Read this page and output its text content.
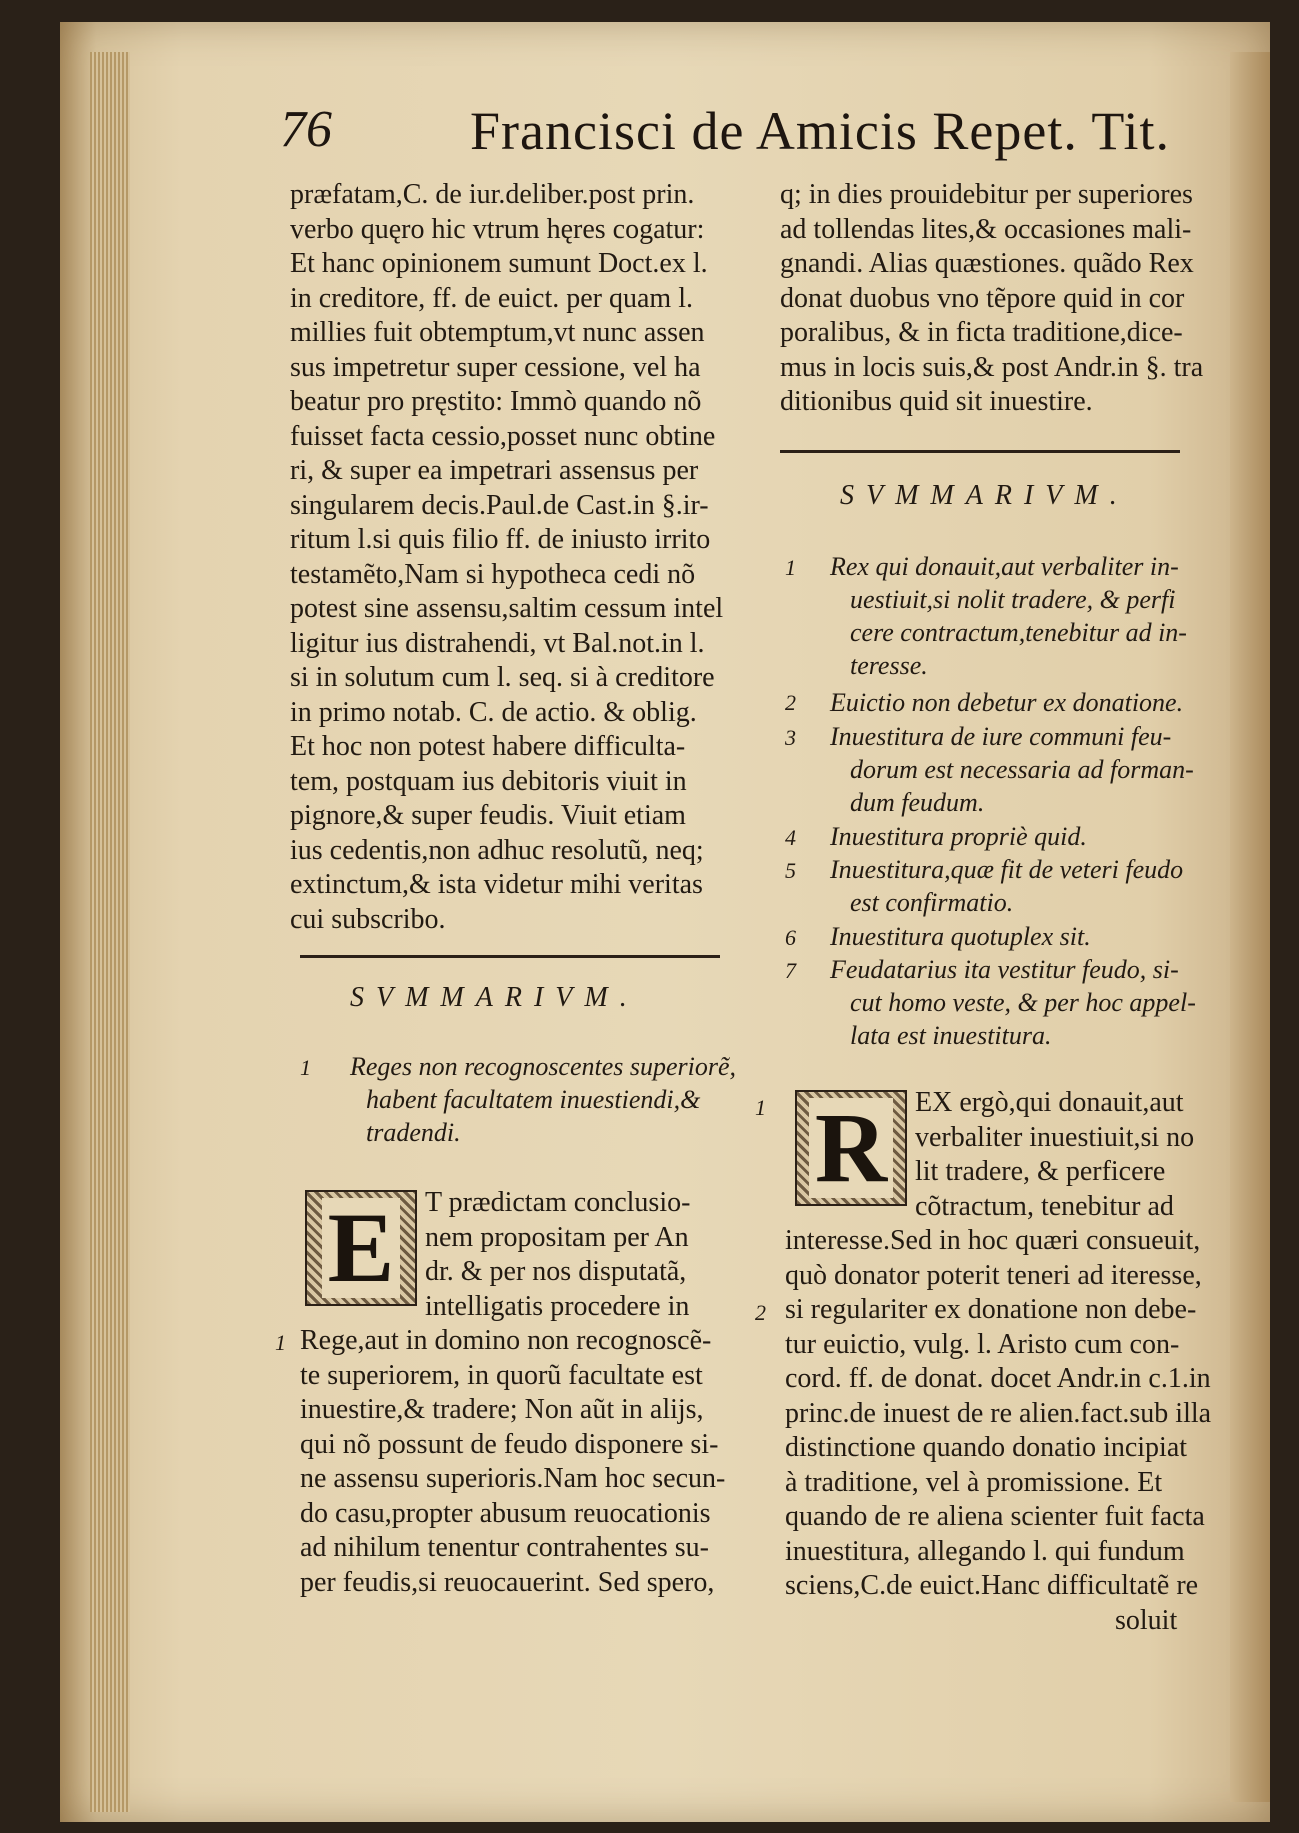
76	Francisci de Amicis Repet. Tit.

præfatam,C. de iur.deliber.post prin.

verbo quęro hic vtrum hęres cogatur:

Et hanc opinionem sumunt Doct.ex l.

in creditore, ff. de euict. per quam l.

millies fuit obtemptum,vt nunc assen

sus impetretur super cessione, vel ha

beatur pro pręstito: Immò quando nõ

fuisset facta cessio,posset nunc obtine

ri, & super ea impetrari assensus per

singularem decis.Paul.de Cast.in §.ir-

ritum l.si quis filio ff. de iniusto irrito

testamẽto,Nam si hypotheca cedi nõ

potest sine assensu,saltim cessum intel

ligitur ius distrahendi, vt Bal.not.in l.

si in solutum cum l. seq. si à creditore

in primo notab. C. de actio. & oblig.

Et hoc non potest habere difficulta-

tem, postquam ius debitoris viuit in

pignore,& super feudis. Viuit etiam

ius cedentis,non adhuc resolutũ, neq;

extinctum,& ista videtur mihi veritas

cui subscribo.

SVMMARIVM.
1 Reges non recognoscentes superiorẽ,
habent facultatem inuestiendi,&
tradendi.
E T prædictam conclusio-
nem propositam per An
dr. & per nos disputatã,
intelligatis procedere in
1 Rege,aut in domino non recognoscẽ-
te superiorem, in quorũ facultate est
inuestire,& tradere; Non aũt in alijs,
qui nõ possunt de feudo disponere si-
ne assensu superioris.Nam hoc secun-
do casu,propter abusum reuocationis
ad nihilum tenentur contrahentes su-
per feudis,si reuocauerint. Sed spero,

q; in dies prouidebitur per superiores

ad tollendas lites,& occasiones mali-

gnandi. Alias quæstiones. quãdo Rex

donat duobus vno tẽpore quid in cor

poralibus, & in ficta traditione,dice-

mus in locis suis,& post Andr.in §. tra

ditionibus quid sit inuestire.

SVMMARIVM.
1 Rex qui donauit,aut verbaliter in-
uestiuit,si nolit tradere, & perfi
cere contractum,tenebitur ad in-
teresse.
2 Euictio non debetur ex donatione.
3 Inuestitura de iure communi feu-
dorum est necessaria ad forman-
dum feudum.
4 Inuestitura propriè quid.
5 Inuestitura,quæ fit de veteri feudo
est confirmatio.
6 Inuestitura quotuplex sit.
7 Feudatarius ita vestitur feudo, si-
cut homo veste, & per hoc appel-
lata est inuestitura.
1 R EX ergò,qui donauit,aut
verbaliter inuestiuit,si no
lit tradere, & perficere
cõtractum, tenebitur ad
2
interesse.Sed in hoc quæri consueuit,
quò donator poterit teneri ad iteresse,
si regulariter ex donatione non debe-
tur euictio, vulg. l. Aristo cum con-
cord. ff. de donat. docet Andr.in c.1.in
princ.de inuest de re alien.fact.sub illa
distinctione quando donatio incipiat
à traditione, vel à promissione. Et
quando de re aliena scienter fuit facta
inuestitura, allegando l. qui fundum
sciens,C.de euict.Hanc difficultatẽ re
soluit
